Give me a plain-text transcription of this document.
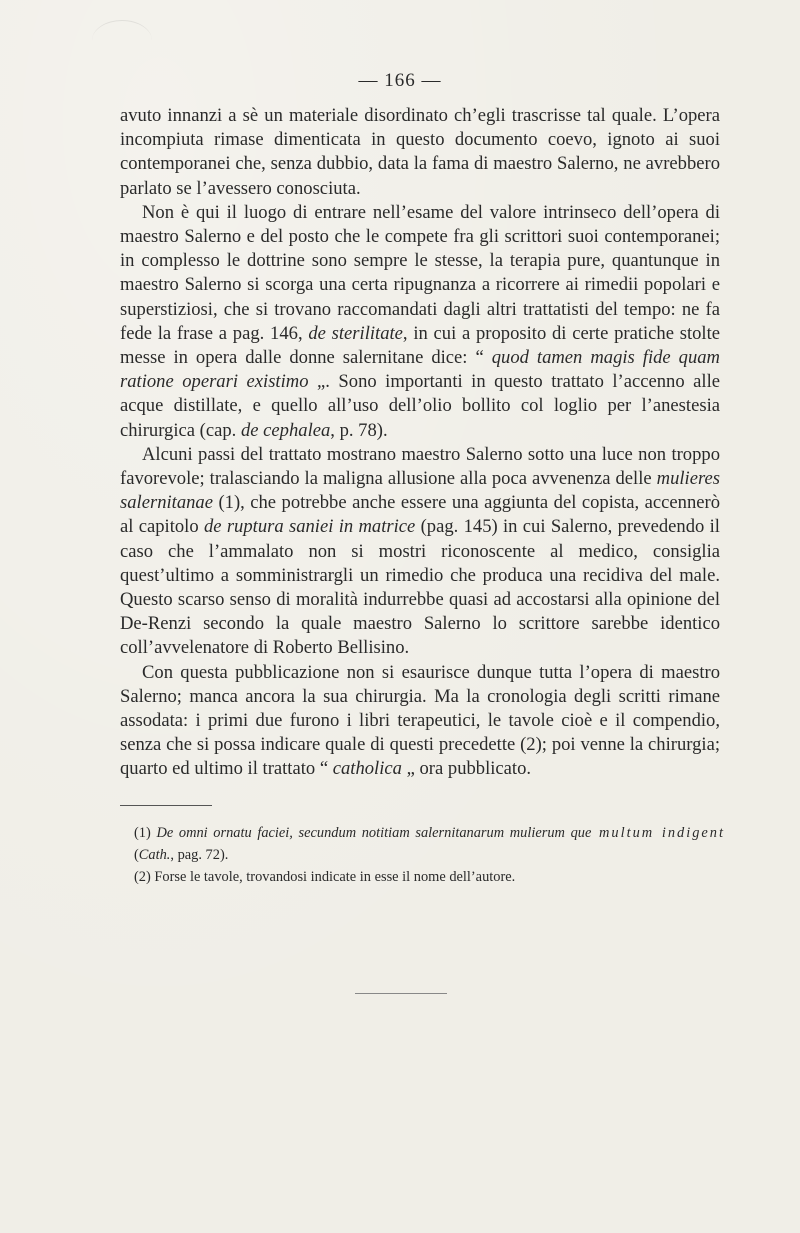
— 166 —

avuto innanzi a sè un materiale disordinato ch’egli trascrisse tal quale. L’opera incompiuta rimase dimenticata in questo documento coevo, ignoto ai suoi contemporanei che, senza dubbio, data la fama di maestro Salerno, ne avrebbero parlato se l’avessero conosciuta.

Non è qui il luogo di entrare nell’esame del valore intrinseco dell’opera di maestro Salerno e del posto che le compete fra gli scrittori suoi contemporanei; in complesso le dottrine sono sempre le stesse, la terapia pure, quantunque in maestro Salerno si scorga una certa ripugnanza a ricorrere ai rimedii popolari e superstiziosi, che si trovano raccomandati dagli altri trattatisti del tempo: ne fa fede la frase a pag. 146, de sterilitate, in cui a proposito di certe pratiche stolte messe in opera dalle donne salernitane dice: “ quod tamen magis fide quam ratione operari existimo „. Sono importanti in questo trattato l’accenno alle acque distillate, e quello all’uso dell’olio bollito col loglio per l’anestesia chirurgica (cap. de cephalea, p. 78).

Alcuni passi del trattato mostrano maestro Salerno sotto una luce non troppo favorevole; tralasciando la maligna allusione alla poca avvenenza delle mulieres salernitanae (1), che potrebbe anche essere una aggiunta del copista, accennerò al capitolo de ruptura saniei in matrice (pag. 145) in cui Salerno, prevedendo il caso che l’ammalato non si mostri riconoscente al medico, consiglia quest’ultimo a somministrargli un rimedio che produca una recidiva del male. Questo scarso senso di moralità indurrebbe quasi ad accostarsi alla opinione del De-Renzi secondo la quale maestro Salerno lo scrittore sarebbe identico coll’avvelenatore di Roberto Bellisino.

Con questa pubblicazione non si esaurisce dunque tutta l’opera di maestro Salerno; manca ancora la sua chirurgia. Ma la cronologia degli scritti rimane assodata: i primi due furono i libri terapeutici, le tavole cioè e il compendio, senza che si possa indicare quale di questi precedette (2); poi venne la chirurgia; quarto ed ultimo il trattato “ catholica „ ora pubblicato.

(1) De omni ornatu faciei, secundum notitiam salernitanarum mulierum que multum indigent (Cath., pag. 72).

(2) Forse le tavole, trovandosi indicate in esse il nome dell’autore.
